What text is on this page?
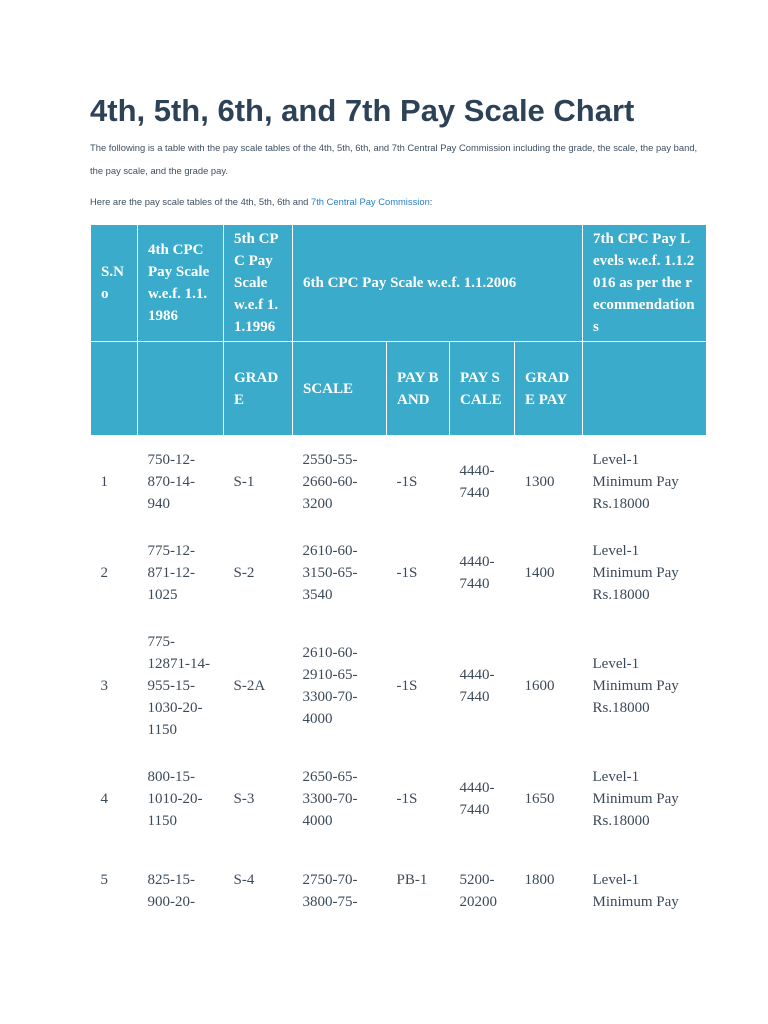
4th, 5th, 6th, and 7th Pay Scale Chart

The following is a table with the pay scale tables of the 4th, 5th, 6th, and 7th Central Pay Commission including the grade, the scale, the pay band, the pay scale, and the grade pay.

Here are the pay scale tables of the 4th, 5th, 6th and 7th Central Pay Commission:

S.No	4th CPC Pay Scale w.e.f. 1.1.1986	5th CPC Pay Scale w.e.f 1.1.1996	6th CPC Pay Scale w.e.f. 1.1.2006				7th CPC Pay Levels w.e.f. 1.1.2016 as per the recommendations
		GRADE	SCALE	PAY BAND	PAY SCALE	GRADE PAY	
1	750-12-870-14-940	S-1	2550-55-2660-60-3200	-1S	4440-7440	1300	Level-1 Minimum Pay Rs.18000
2	775-12-871-12-1025	S-2	2610-60-3150-65-3540	-1S	4440-7440	1400	Level-1 Minimum Pay Rs.18000
3	775-12871-14-955-15-1030-20-1150	S-2A	2610-60-2910-65-3300-70-4000	-1S	4440-7440	1600	Level-1 Minimum Pay Rs.18000
4	800-15-1010-20-1150	S-3	2650-65-3300-70-4000	-1S	4440-7440	1650	Level-1 Minimum Pay Rs.18000
5	825-15-900-20-	S-4	2750-70-3800-75-	PB-1	5200-20200	1800	Level-1 Minimum Pay
